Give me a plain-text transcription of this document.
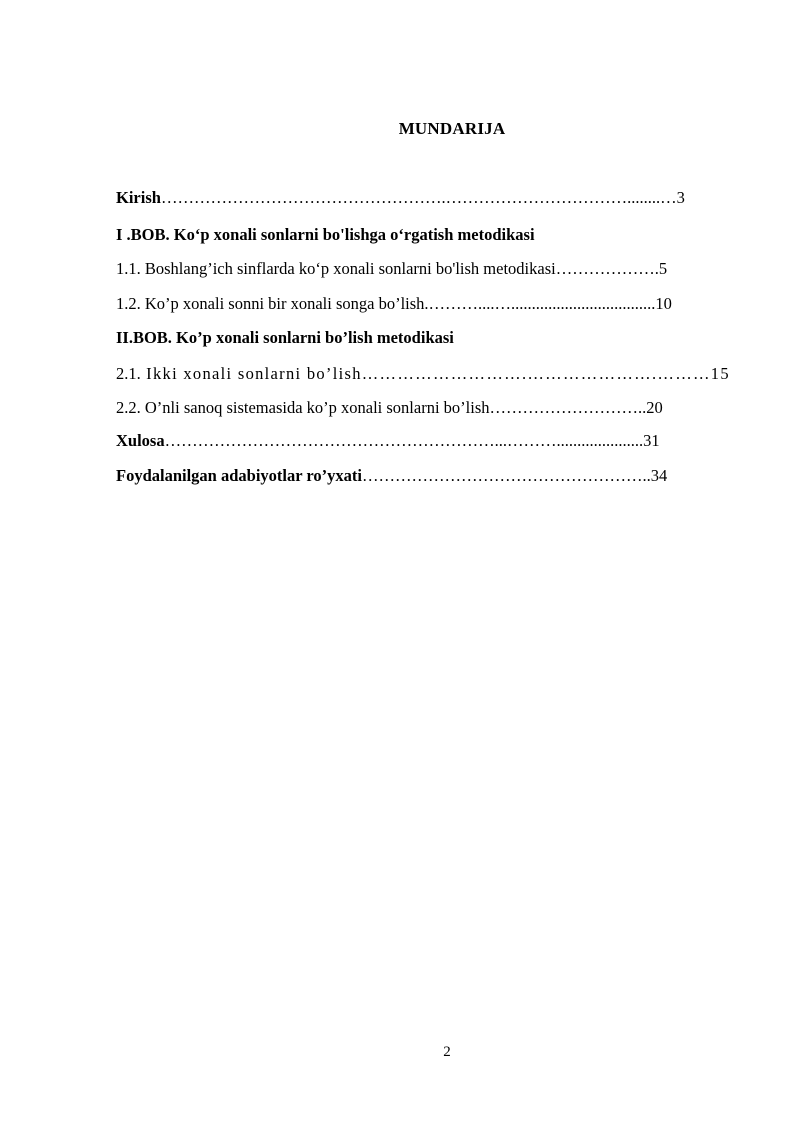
MUNDARIJA
Kirish…………………………………………….……………………………........…3
I .BOB. Ko‘p xonali sonlarni bo'lishga o‘rgatish metodikasi
1.1. Boshlang’ich sinflarda ko‘p xonali sonlarni bo'lish metodikasi……………….5
1.2. Ko’p xonali sonni bir xonali songa bo’lish.………....…...................................10
II.BOB. Ko’p xonali sonlarni bo’lish metodikasi
2.1. Ikki xonali sonlarni bo’lish……………………….………………….………15
2.2. O’nli sanoq sistemasida ko’p xonali sonlarni bo’lish………………………..20
Xulosa……………………………………………………...……….....................31
Foydalanilgan adabiyotlar ro’yxati……………………………………………..34
2
